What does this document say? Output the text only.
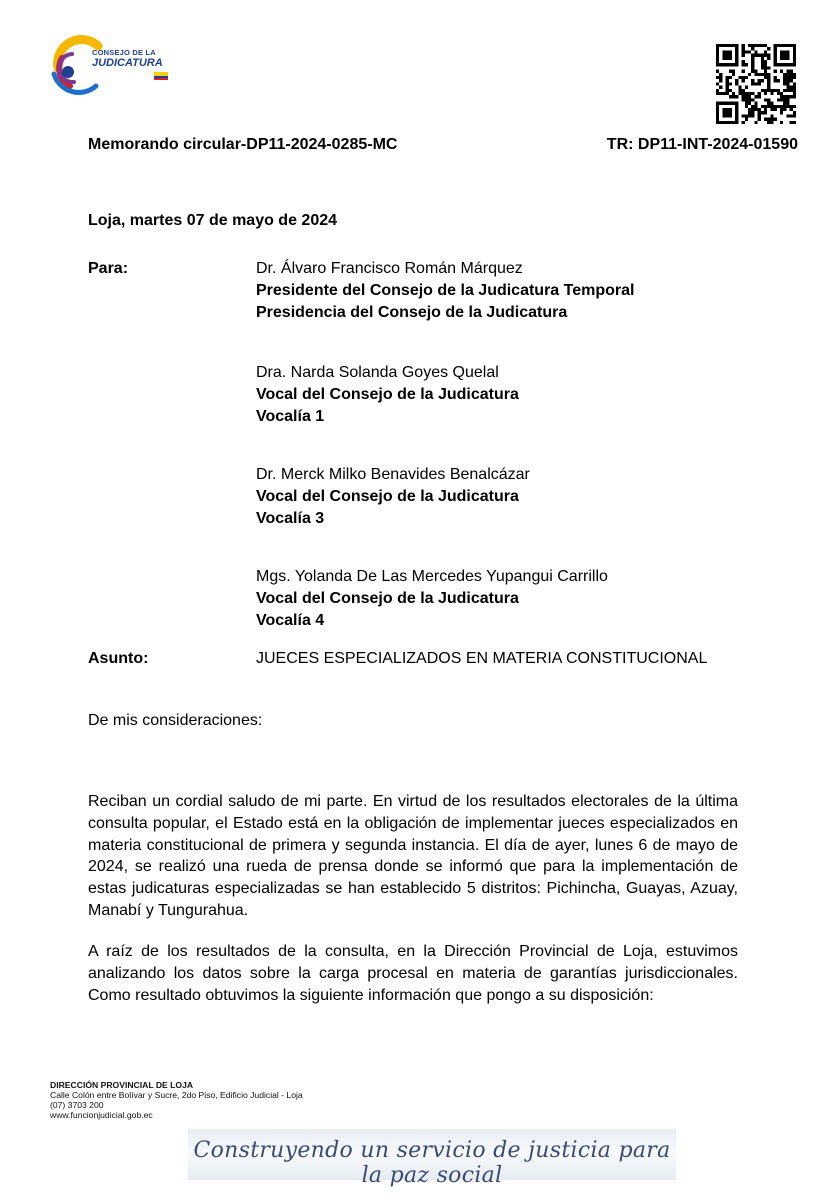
CONSEJO DE LA
JUDICATURA
Memorando circular-DP11-2024-0285-MC	TR: DP11-INT-2024-01590
Loja, martes 07 de mayo de 2024
Para:	Dr. Álvaro Francisco Román Márquez
Presidente del Consejo de la Judicatura Temporal
Presidencia del Consejo de la Judicatura
Dra. Narda Solanda Goyes Quelal
Vocal del Consejo de la Judicatura
Vocalía 1
Dr. Merck Milko Benavides Benalcázar
Vocal del Consejo de la Judicatura
Vocalía 3
Mgs. Yolanda De Las Mercedes Yupangui Carrillo
Vocal del Consejo de la Judicatura
Vocalía 4
Asunto:	JUECES ESPECIALIZADOS EN MATERIA CONSTITUCIONAL
De mis consideraciones:
Reciban un cordial saludo de mi parte. En virtud de los resultados electorales de la última consulta popular, el Estado está en la obligación de implementar jueces especializados en materia constitucional de primera y segunda instancia. El día de ayer, lunes 6 de mayo de 2024, se realizó una rueda de prensa donde se informó que para la implementación de estas judicaturas especializadas se han establecido 5 distritos: Pichincha, Guayas, Azuay, Manabí y Tungurahua.
A raíz de los resultados de la consulta, en la Dirección Provincial de Loja, estuvimos analizando los datos sobre la carga procesal en materia de garantías jurisdiccionales. Como resultado obtuvimos la siguiente información que pongo a su disposición:
DIRECCIÓN PROVINCIAL DE LOJA
Calle Colón entre Bolívar y Sucre, 2do Piso, Edificio Judicial - Loja
(07) 3703 200
www.funcionjudicial.gob.ec
Construyendo un servicio de justicia para la paz social
